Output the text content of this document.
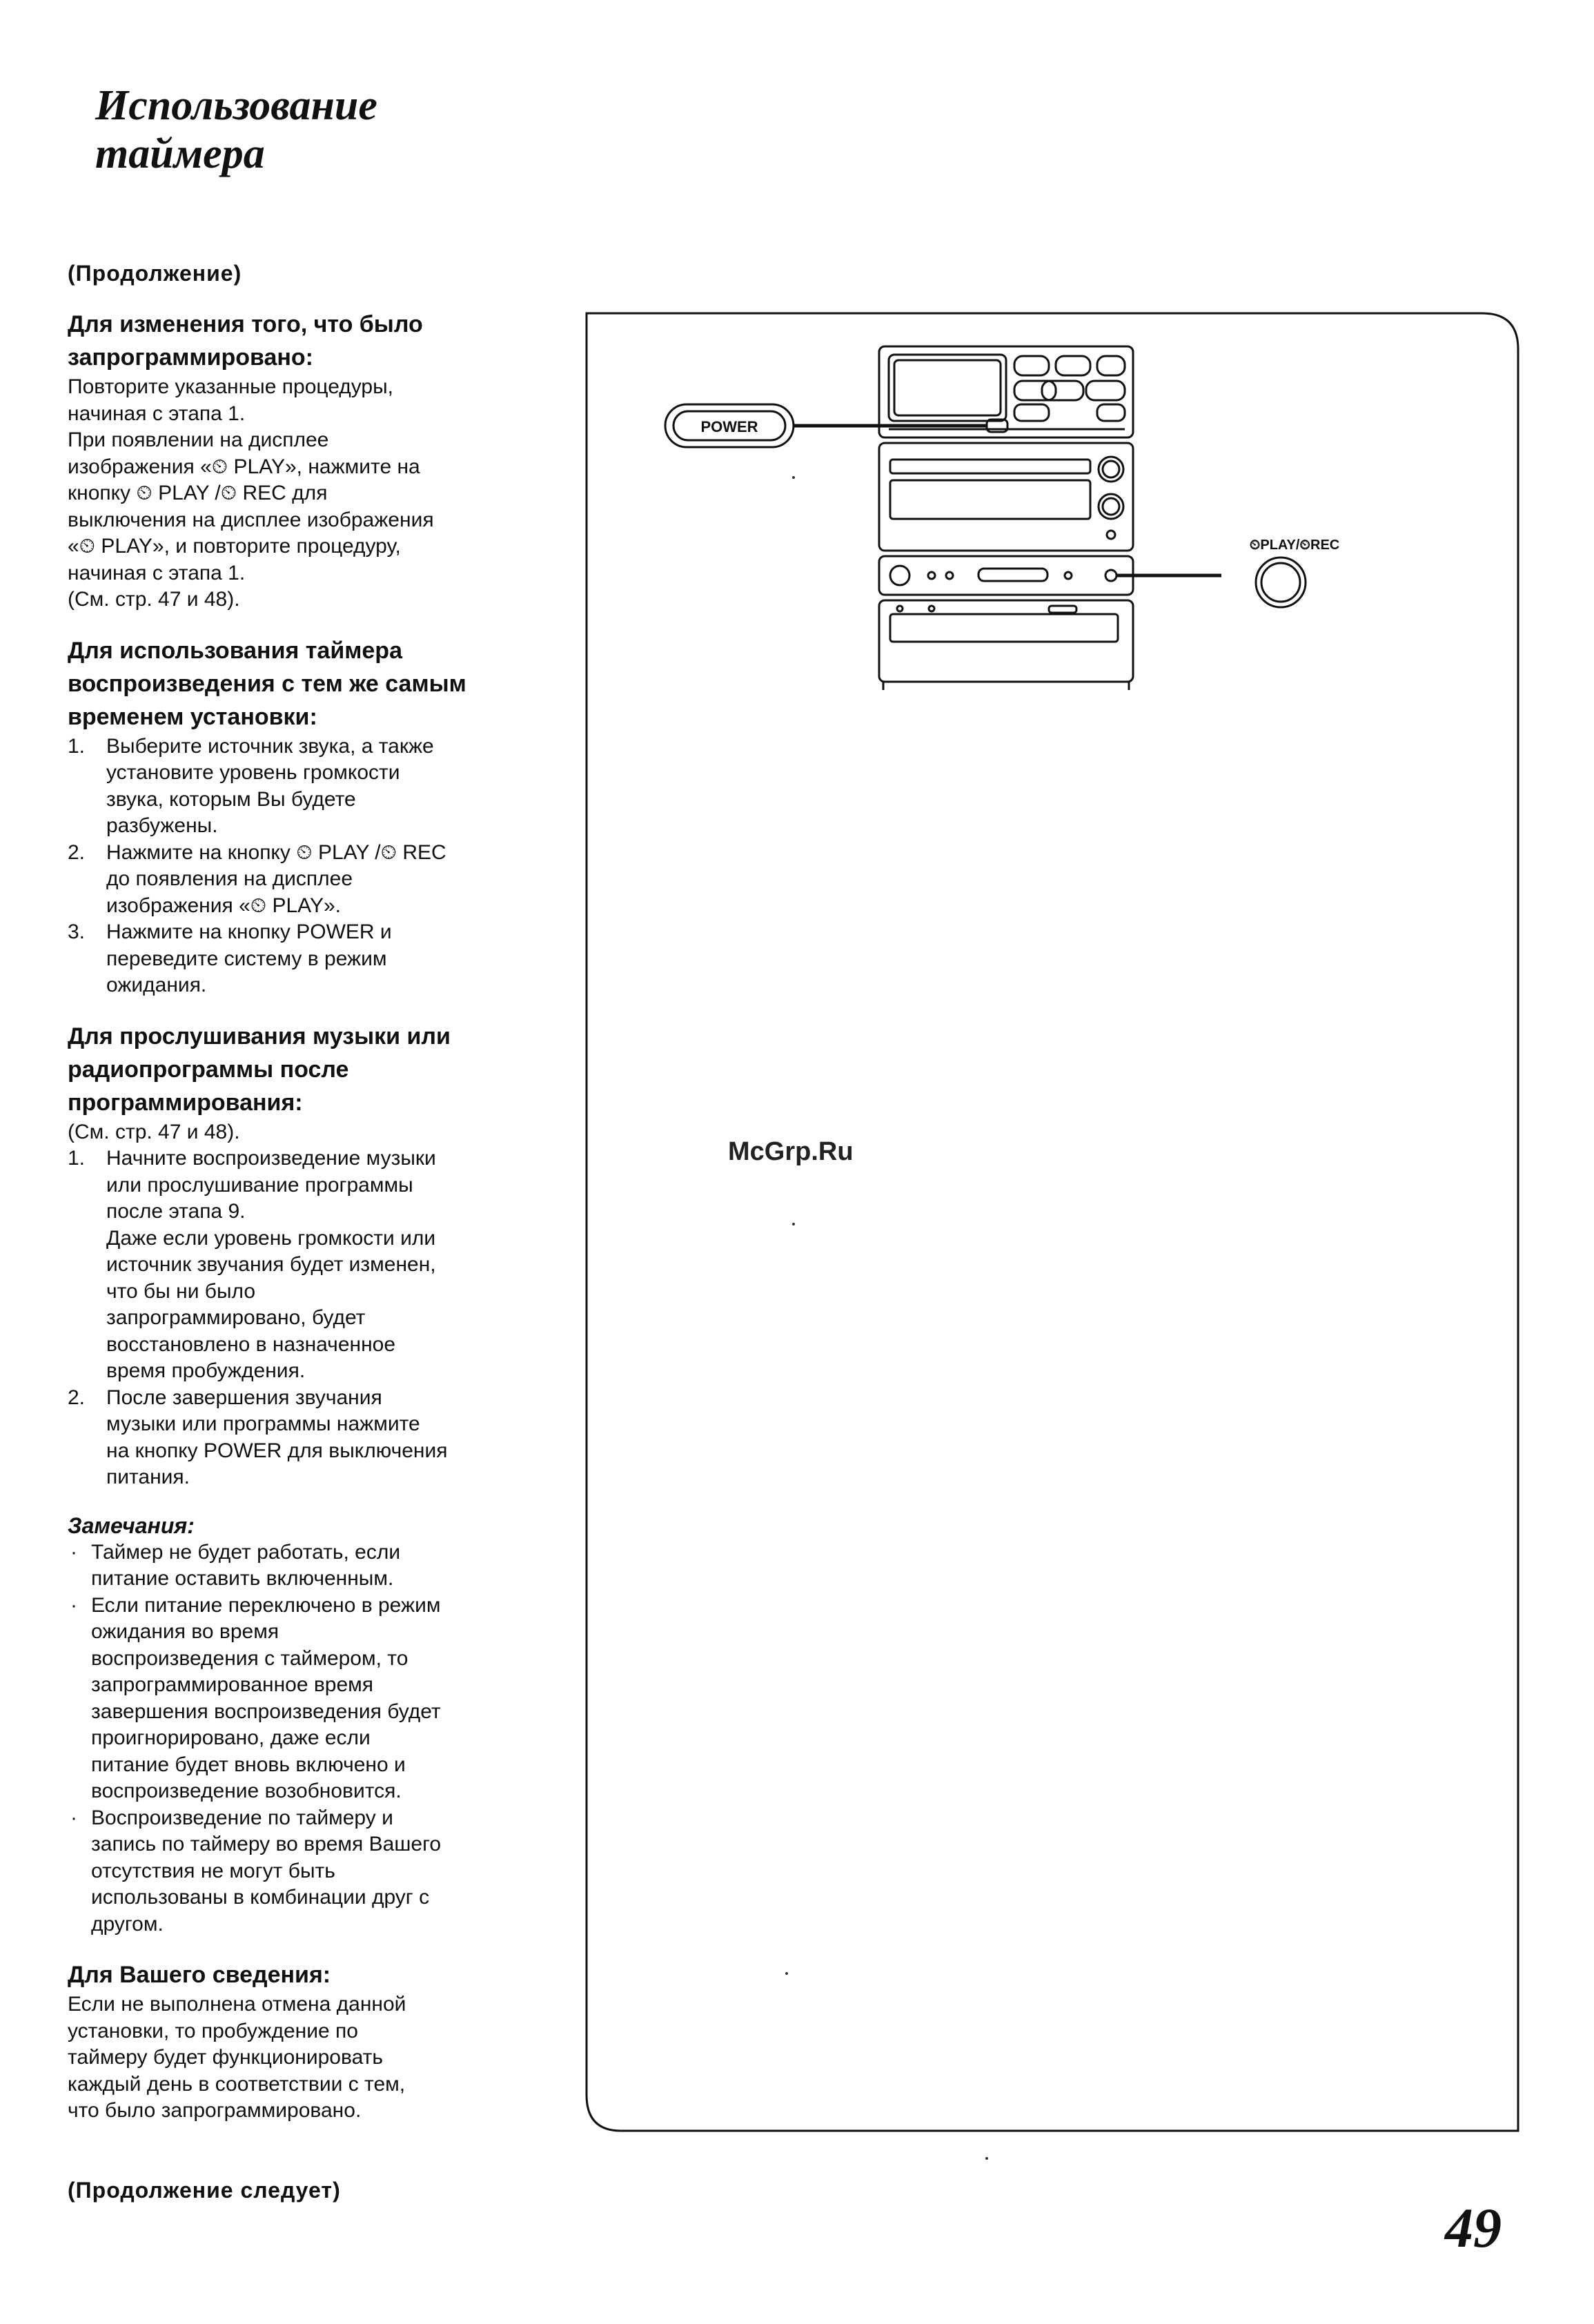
Использование
таймера
(Продолжение)
Для изменения того, что было
запрограммировано:

Повторите указанные процедуры,
начиная с этапа 1.
При появлении на дисплее
изображения «⏲ PLAY», нажмите на
кнопку ⏲ PLAY /⏲ REC для
выключения на дисплее изображения
«⏲ PLAY», и повторите процедуру,
начиная с этапа 1.
(См. стр. 47 и 48).

Для использования таймера
воспроизведения с тем же самым
временем установки:
1. Выберите источник звука, а также
установите уровень громкости
звука, которым Вы будете
разбужены.
2. Нажмите на кнопку ⏲ PLAY /⏲ REC
до появления на дисплее
изображения «⏲ PLAY».
3. Нажмите на кнопку POWER и
переведите систему в режим
ожидания.
Для прослушивания музыки или
радиопрограммы после
программирования:

(См. стр. 47 и 48).

1. Начните воспроизведение музыки
или прослушивание программы
после этапа 9.
Даже если уровень громкости или
источник звучания будет изменен,
что бы ни было
запрограммировано, будет
восстановлено в назначенное
время пробуждения.
2. После завершения звучания
музыки или программы нажмите
на кнопку POWER для выключения
питания.

Замечания:

· Таймер не будет работать, если
питание оставить включенным.
· Если питание переключено в режим
ожидания во время
воспроизведения с таймером, то
запрограммированное время
завершения воспроизведения будет
проигнорировано, даже если
питание будет вновь включено и
воспроизведение возобновится.
· Воспроизведение по таймеру и
запись по таймеру во время Вашего
отсутствия не могут быть
использованы в комбинации друг с
другом.
Для Вашего сведения:

Если не выполнена отмена данной
установки, то пробуждение по
таймеру будет функционировать
каждый день в соответствии с тем,
что было запрограммировано.

(Продолжение следует)
49
POWER
⏲PLAY/⏲REC
McGrp.Ru
